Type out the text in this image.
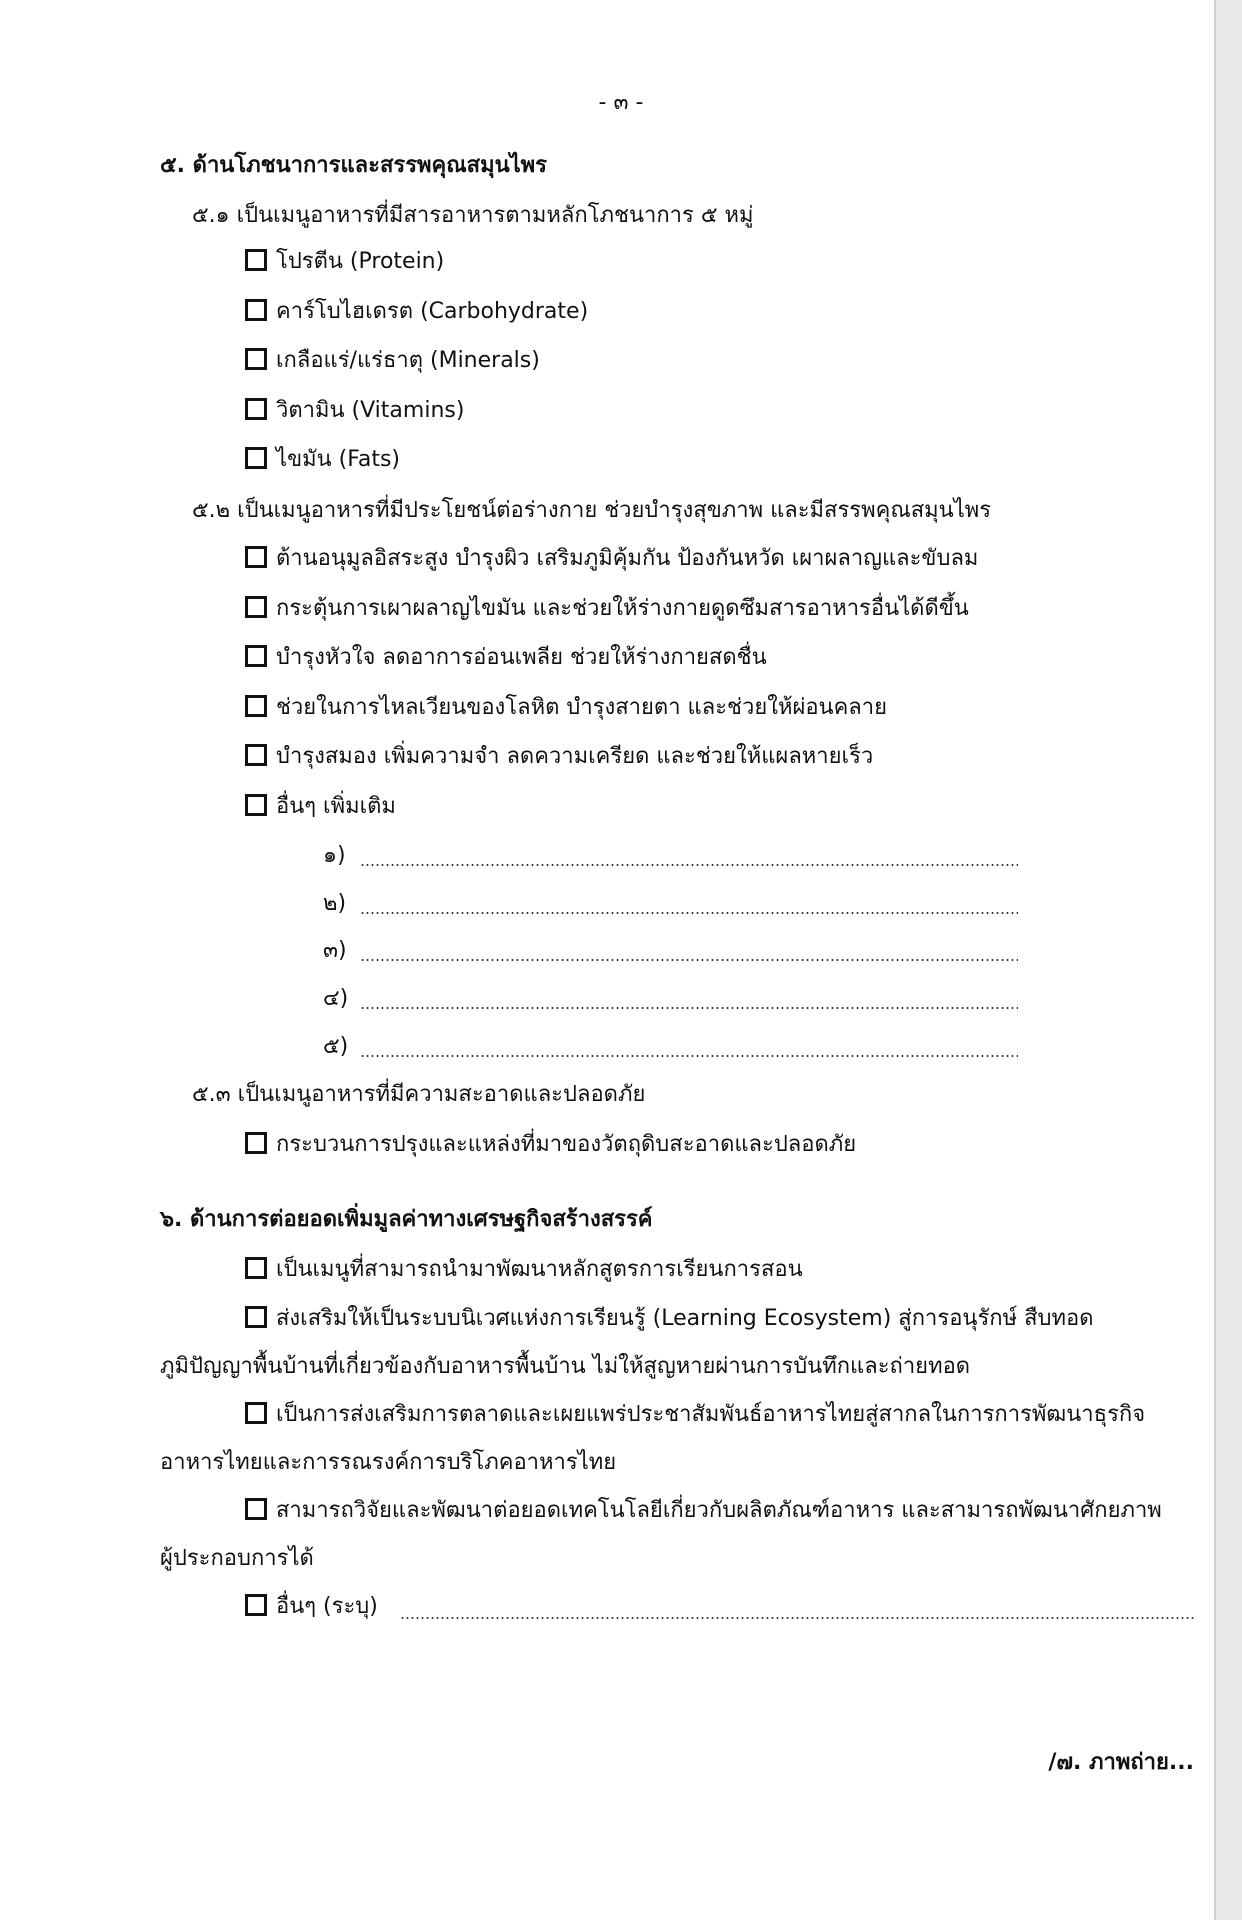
- ๓ -
๕. ด้านโภชนาการและสรรพคุณสมุนไพร
๕.๑ เป็นเมนูอาหารที่มีสารอาหารตามหลักโภชนาการ ๕ หมู่
โปรตีน (Protein)
คาร์โบไฮเดรต (Carbohydrate)
เกลือแร่/แร่ธาตุ (Minerals)
วิตามิน (Vitamins)
ไขมัน (Fats)
๕.๒ เป็นเมนูอาหารที่มีประโยชน์ต่อร่างกาย ช่วยบำรุงสุขภาพ และมีสรรพคุณสมุนไพร
ต้านอนุมูลอิสระสูง บำรุงผิว เสริมภูมิคุ้มกัน ป้องกันหวัด เผาผลาญและขับลม
กระตุ้นการเผาผลาญไขมัน และช่วยให้ร่างกายดูดซึมสารอาหารอื่นได้ดีขึ้น
บำรุงหัวใจ ลดอาการอ่อนเพลีย ช่วยให้ร่างกายสดชื่น
ช่วยในการไหลเวียนของโลหิต บำรุงสายตา และช่วยให้ผ่อนคลาย
บำรุงสมอง เพิ่มความจำ ลดความเครียด และช่วยให้แผลหายเร็ว
อื่นๆ เพิ่มเติม
๑)
๒)
๓)
๔)
๕)
๕.๓ เป็นเมนูอาหารที่มีความสะอาดและปลอดภัย
กระบวนการปรุงและแหล่งที่มาของวัตถุดิบสะอาดและปลอดภัย
๖. ด้านการต่อยอดเพิ่มมูลค่าทางเศรษฐกิจสร้างสรรค์
เป็นเมนูที่สามารถนำมาพัฒนาหลักสูตรการเรียนการสอน
ส่งเสริมให้เป็นระบบนิเวศแห่งการเรียนรู้ (Learning Ecosystem) สู่การอนุรักษ์ สืบทอด
ภูมิปัญญาพื้นบ้านที่เกี่ยวข้องกับอาหารพื้นบ้าน ไม่ให้สูญหายผ่านการบันทึกและถ่ายทอด
เป็นการส่งเสริมการตลาดและเผยแพร่ประชาสัมพันธ์อาหารไทยสู่สากลในการการพัฒนาธุรกิจ
อาหารไทยและการรณรงค์การบริโภคอาหารไทย
สามารถวิจัยและพัฒนาต่อยอดเทคโนโลยีเกี่ยวกับผลิตภัณฑ์อาหาร และสามารถพัฒนาศักยภาพ
ผู้ประกอบการได้
อื่นๆ (ระบุ)
/๗. ภาพถ่าย...
